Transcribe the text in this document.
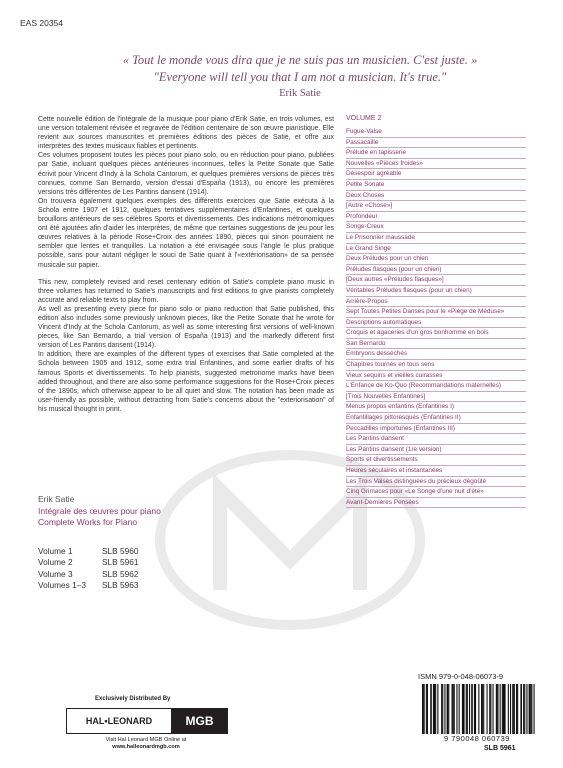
EAS 20354
« Tout le monde vous dira que je ne suis pas un musicien. C'est juste. »
"Everyone will tell you that I am not a musician. It's true."
Erik Satie

Cette nouvelle édition de l'intégrale de la musique pour piano d'Erik Satie, en trois volumes, est une version totalement révisée et regravée de l'édition centenaire de son œuvre pianistique. Elle revient aux sources manuscrites et premières éditions des pièces de Satie, et offre aux interprètes des textes musicaux fiables et pertinents.

Ces volumes proposent toutes les pièces pour piano solo, ou en réduction pour piano, publiées par Satie, incluant quelques pièces antérieures inconnues, telles la Petite Sonate que Satie écrivit pour Vincent d'Indy à la Schola Cantorum, et quelques premières versions de pièces très connues, comme San Bernardo, version d'essai d'España (1913), ou encore les premières versions très différentes de Les Pantins dansent (1914).

On trouvera également quelques exemples des différents exercices que Satie exécuta à la Schola entre 1907 et 1912, quelques tentatives supplémentaires d'Enfantines, et quelques brouillons antérieurs de ses célèbres Sports et divertissements. Des indications métronomiques ont été ajoutées afin d'aider les interprètes, de même que certaines suggestions de jeu pour les œuvres relatives à la période Rose+Croix des années 1890, pièces qui sinon pourraient ne sembler que lentes et tranquilles. La notation a été envisagée sous l'angle le plus pratique possible, sans pour autant négliger le souci de Satie quant à l'«extériorisation» de sa pensée musicale sur papier.

This new, completely revised and reset centenary edition of Satie's complete piano music in three volumes has returned to Satie's manuscripts and first editions to give pianists completely accurate and reliable texts to play from.

As well as presenting every piece for piano solo or piano reduction that Satie published, this edition also includes some previously unknown pieces, like the Petite Sonate that he wrote for Vincent d'Indy at the Schola Cantorum, as well as some interesting first versions of well-known pieces, like San Bernardo, a trial version of España (1913) and the markedly different first version of Les Pantins dansent (1914).

In addition, there are examples of the different types of exercises that Satie completed at the Schola between 1905 and 1912, some extra trial Enfantines, and some earlier drafts of his famous Sports et divertissements. To help pianists, suggested metronome marks have been added throughout, and there are also some performance suggestions for the Rose+Croix pieces of the 1890s, which otherwise appear to be all quiet and slow. The notation has been made as user-friendly as possible, without detracting from Satie's concerns about the "exteriorisation" of his musical thought in print.

VOLUME 2
Fugue-Valse
Passacaille
Prélude en tapisserie
Nouvelles «Pièces froides»
Désespoir agréable
Petite Sonate
Deux Choses
[Autre «Chose»]
Profondeur
Songe-Creux
Le Prisonnier maussade
Le Grand Singe
Deux Préludes pour un chien
Préludes flasques (pour un chien)
[Deux autres «Préludes flasques»]
Véritables Préludes flasques (pour un chien)
Arrière-Propos
Sept Toutes Petites Danses pour le «Piège de Méduse»
Descriptions automatiques
Croquis et agaceries d'un gros bonhomme en bois
San Bernardo
Embryons desséchés
Chapitres tournés en tous sens
Vieux sequins et vieilles cuirasses
L'Enfance de Ko-Quo (Recommandations maternelles)
[Trois Nouvelles Enfantines]
Menus propos enfantins (Enfantines I)
Enfantillages pittoresques (Enfantines II)
Peccadilles importunes (Enfantines III)
Les Pantins dansent
Les Pantins dansent (1re version)
Sports et divertissements
Heures séculaires et instantanées
Les Trois Valses distinguées du précieux dégoûté
Cinq Grimaces pour «Le Songe d'une nuit d'été»
Avant-Dernières Pensées
Erik Satie
Intégrale des œuvres pour piano
Complete Works for Piano
Volume 1	SLB 5960
Volume 2	SLB 5961
Volume 3	SLB 5962
Volumes 1–3	SLB 5963
Exclusively Distributed By
HAL•LEONARD	MGB
Visit Hal Leonard MGB Online at
www.halleonardmgb.com
ISMN 979-0-048-06073-9
9 790048 060739
SLB 5961
